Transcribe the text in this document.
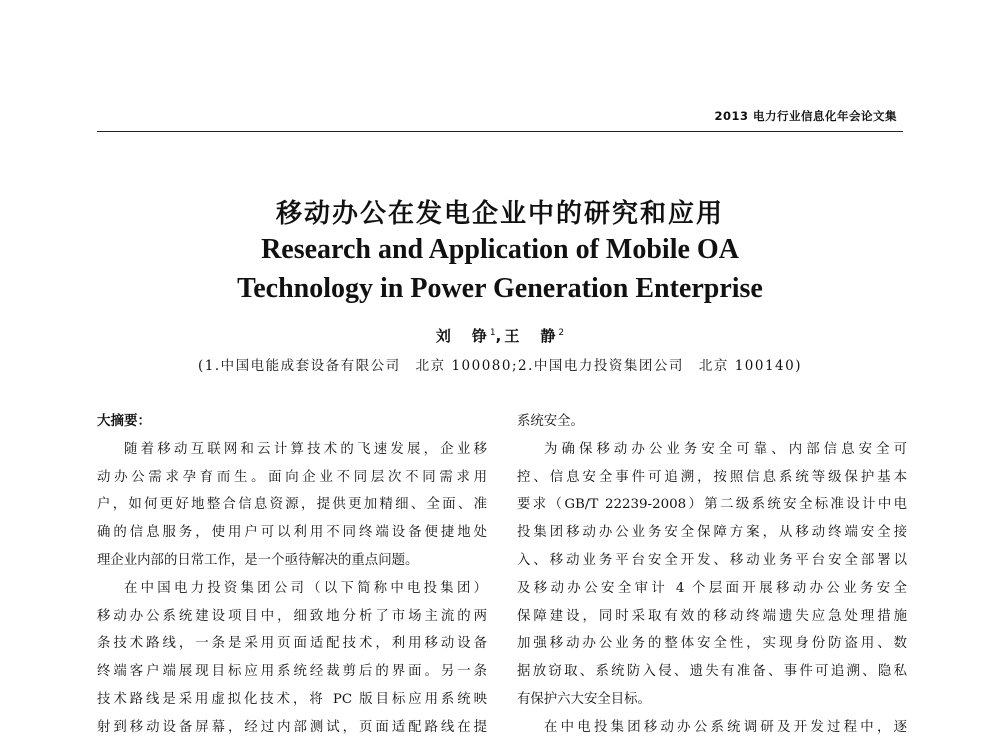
2013 电力行业信息化年会论文集
移动办公在发电企业中的研究和应用
Research and Application of Mobile OA
Technology in Power Generation Enterprise
刘　铮$^1$,王　静$^2$
(1.中国电能成套设备有限公司　北京 100080;2.中国电力投资集团公司　北京 100140)
大摘要：
随着移动互联网和云计算技术的飞速发展，企业移
动办公需求孕育而生。面向企业不同层次不同需求用
户，如何更好地整合信息资源，提供更加精细、全面、准
确的信息服务，使用户可以利用不同终端设备便捷地处
理企业内部的日常工作，是一个亟待解决的重点问题。
在中国电力投资集团公司（以下简称中电投集团）
移动办公系统建设项目中，细致地分析了市场主流的两
条技术路线，一条是采用页面适配技术，利用移动设备
终端客户端展现目标应用系统经裁剪后的界面。另一条
技术路线是采用虚拟化技术，将 PC 版目标应用系统映
射到移动设备屏幕，经过内部测试，页面适配路线在提
系统安全。
为确保移动办公业务安全可靠、内部信息安全可
控、信息安全事件可追溯，按照信息系统等级保护基本
要求（GB/T 22239-2008）第二级系统安全标准设计中电
投集团移动办公业务安全保障方案，从移动终端安全接
入、移动业务平台安全开发、移动业务平台安全部署以
及移动办公安全审计 4 个层面开展移动办公业务安全
保障建设，同时采取有效的移动终端遗失应急处理措施
加强移动办公业务的整体安全性，实现身份防盗用、数
据放窃取、系统防入侵、遗失有准备、事件可追溯、隐私
有保护六大安全目标。
在中电投集团移动办公系统调研及开发过程中，逐
